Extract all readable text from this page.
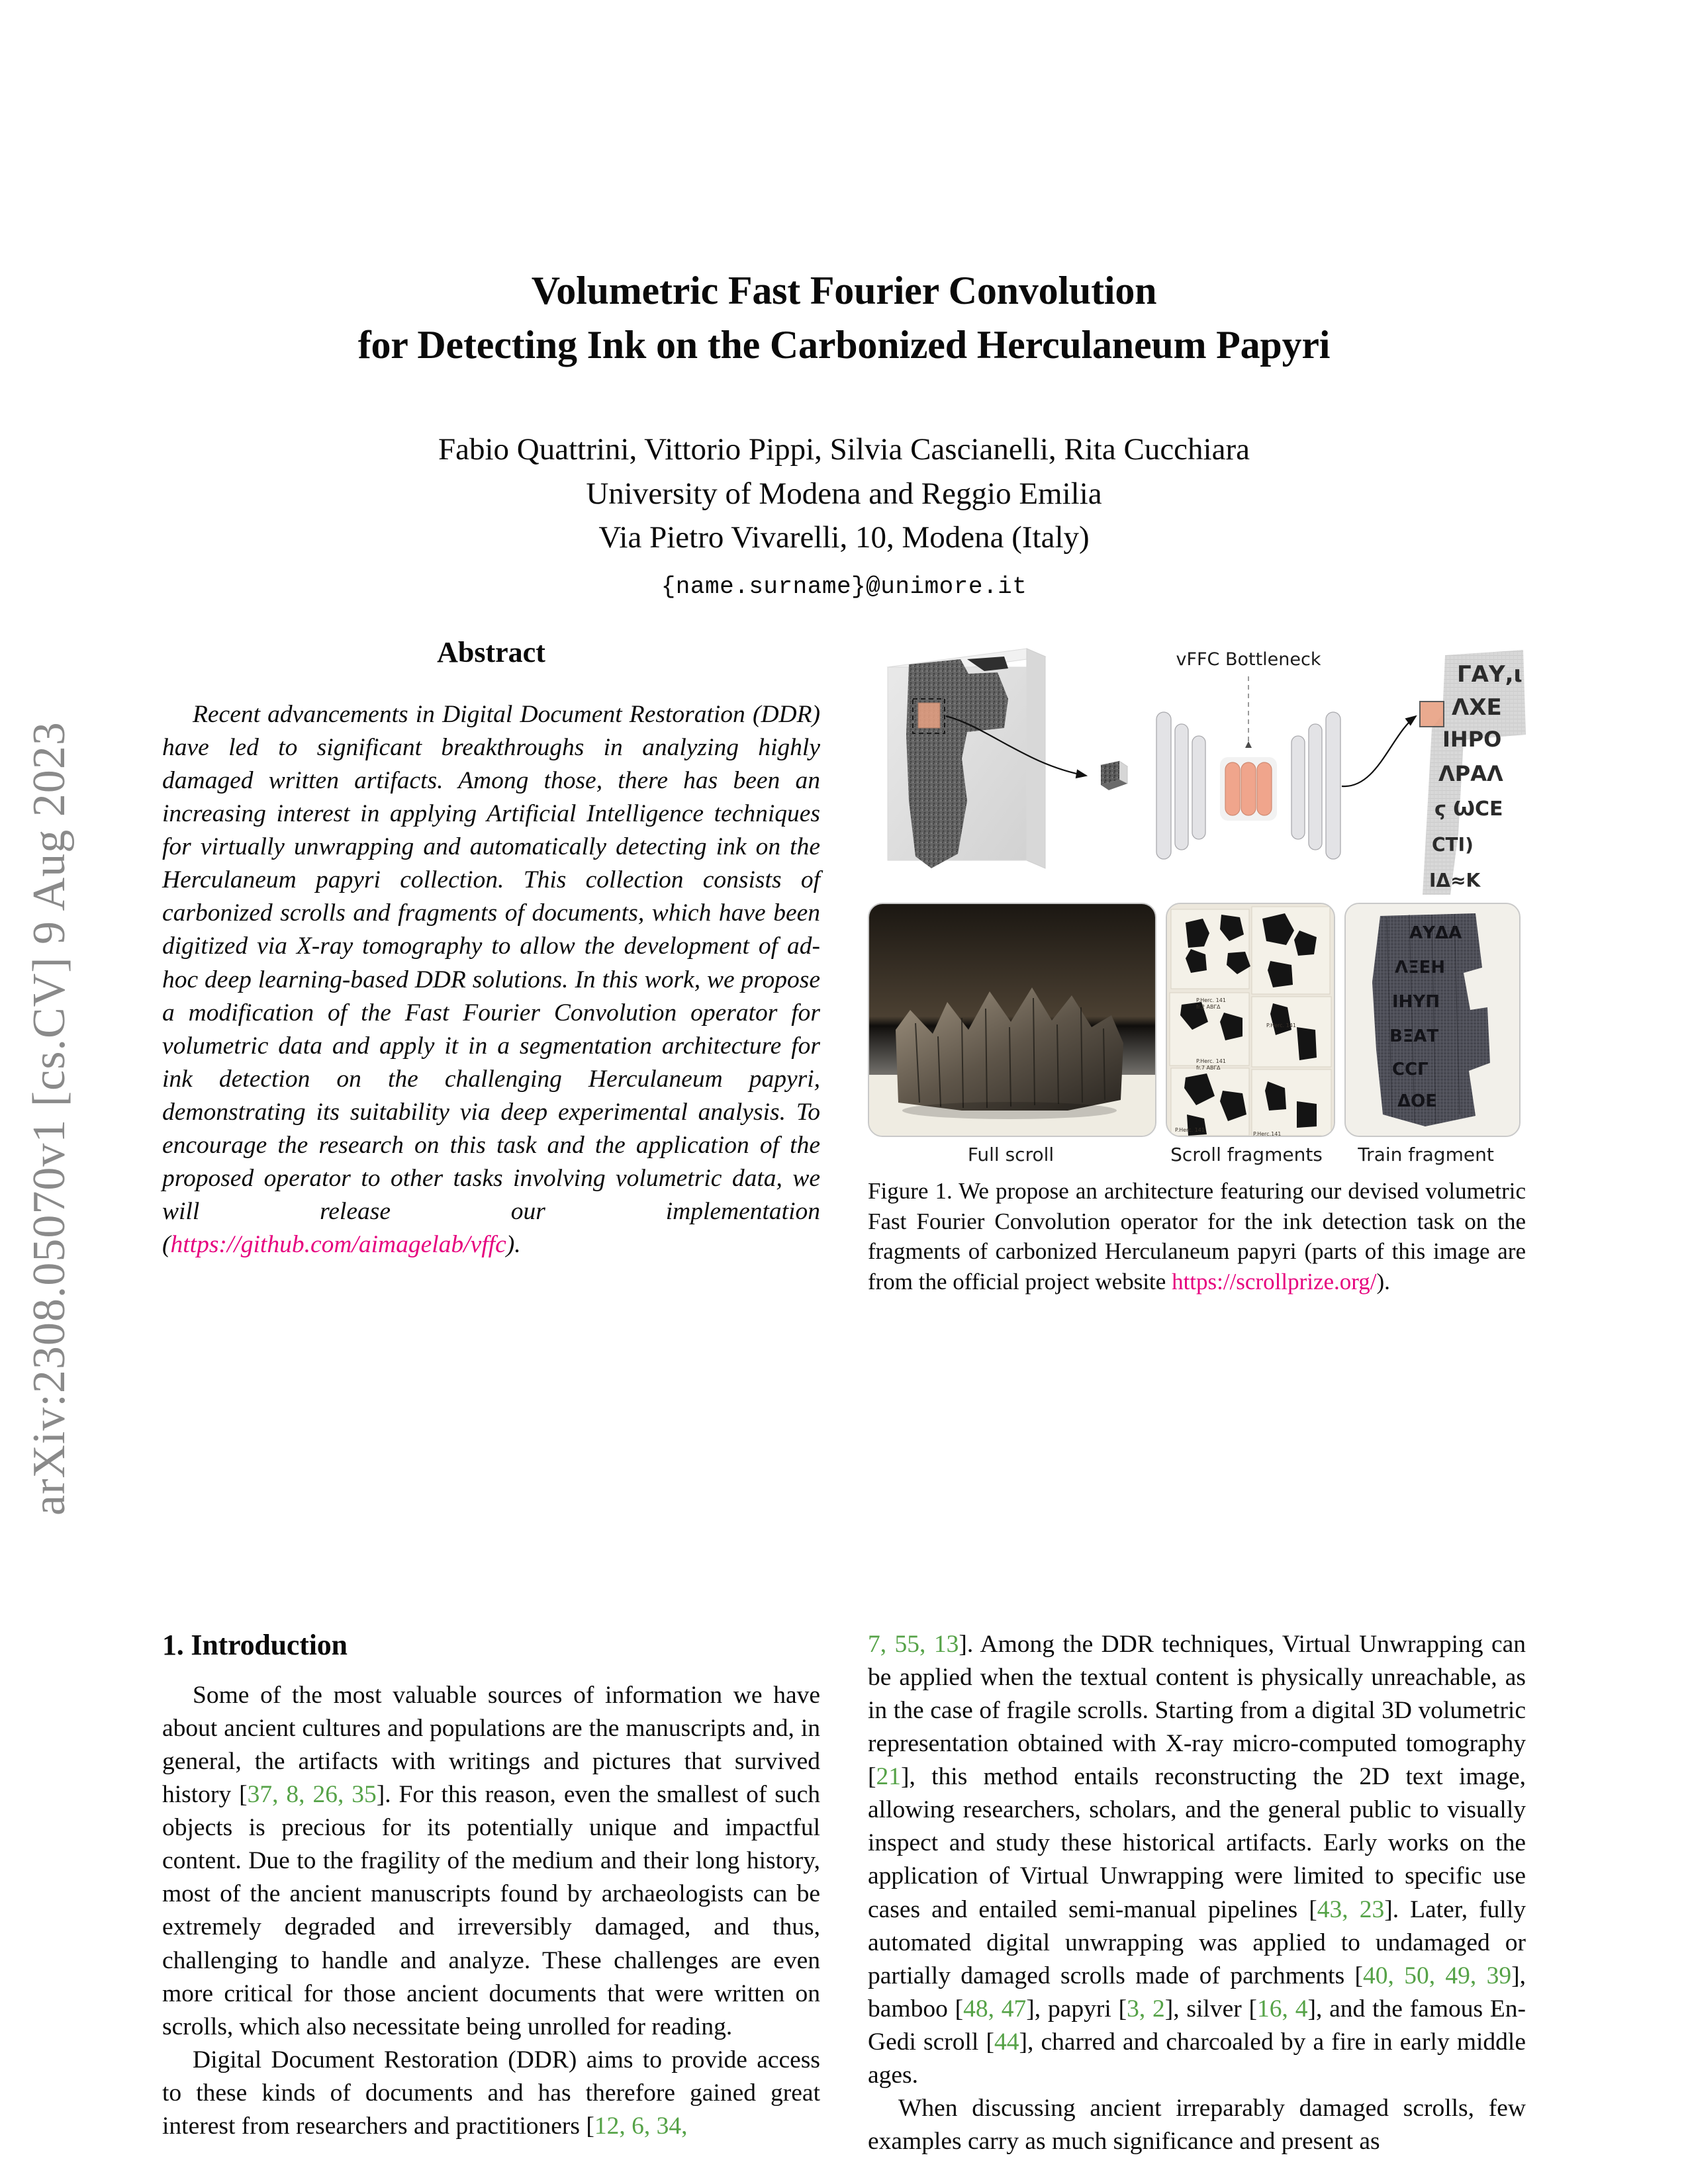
arXiv:2308.05070v1 [cs.CV] 9 Aug 2023
Volumetric Fast Fourier Convolution
for Detecting Ink on the Carbonized Herculaneum Papyri
Fabio Quattrini, Vittorio Pippi, Silvia Cascianelli, Rita Cucchiara
University of Modena and Reggio Emilia
Via Pietro Vivarelli, 10, Modena (Italy)
{name.surname}@unimore.it
Abstract

Recent advancements in Digital Document Restoration (DDR) have led to significant breakthroughs in analyzing highly damaged written artifacts. Among those, there has been an increasing interest in applying Artificial Intelligence techniques for virtually unwrapping and automatically detecting ink on the Herculaneum papyri collection. This collection consists of carbonized scrolls and fragments of documents, which have been digitized via X-ray tomography to allow the development of ad-hoc deep learning-based DDR solutions. In this work, we propose a modification of the Fast Fourier Convolution operator for volumetric data and apply it in a segmentation architecture for ink detection on the challenging Herculaneum papyri, demonstrating its suitability via deep experimental analysis. To encourage the research on this task and the application of the proposed operator to other tasks involving volumetric data, we will release our implementation (https://github.com/aimagelab/vffc).

vFFC Bottleneck
ΓΑΥ,ι
ΛΧΕ
ΙΗΡΟ
ΛΡΑΛ
ϛ ѠСΕ
ϹΤΙ)
ΙΔ≈Κ
P.Herc. 141
fr.2 ΑΒΓΔ
P.Herc. 141
P.Herc. 141
fr.7 ΑΒΓΔ
P.Herc. 141
P.Herc.141
ΑΥΔΑ
ΛΞΕΗ
ΙΗΥΠ
ΒΞΑΤ
ϹϹΓ
ΔΟΕ
Full scroll	Scroll fragments	Train fragment
Figure 1. We propose an architecture featuring our devised volumetric Fast Fourier Convolution operator for the ink detection task on the fragments of carbonized Herculaneum papyri (parts of this image are from the official project website https://scrollprize.org/).
1. Introduction

Some of the most valuable sources of information we have about ancient cultures and populations are the manuscripts and, in general, the artifacts with writings and pictures that survived history [37, 8, 26, 35]. For this reason, even the smallest of such objects is precious for its potentially unique and impactful content. Due to the fragility of the medium and their long history, most of the ancient manuscripts found by archaeologists can be extremely degraded and irreversibly damaged, and thus, challenging to handle and analyze. These challenges are even more critical for those ancient documents that were written on scrolls, which also necessitate being unrolled for reading.

Digital Document Restoration (DDR) aims to provide access to these kinds of documents and has therefore gained great interest from researchers and practitioners [12, 6, 34,

7, 55, 13]. Among the DDR techniques, Virtual Unwrapping can be applied when the textual content is physically unreachable, as in the case of fragile scrolls. Starting from a digital 3D volumetric representation obtained with X-ray micro-computed tomography [21], this method entails reconstructing the 2D text image, allowing researchers, scholars, and the general public to visually inspect and study these historical artifacts. Early works on the application of Virtual Unwrapping were limited to specific use cases and entailed semi-manual pipelines [43, 23]. Later, fully automated digital unwrapping was applied to undamaged or partially damaged scrolls made of parchments [40, 50, 49, 39], bamboo [48, 47], papyri [3, 2], silver [16, 4], and the famous En-Gedi scroll [44], charred and charcoaled by a fire in early middle ages.

When discussing ancient irreparably damaged scrolls, few examples carry as much significance and present as
